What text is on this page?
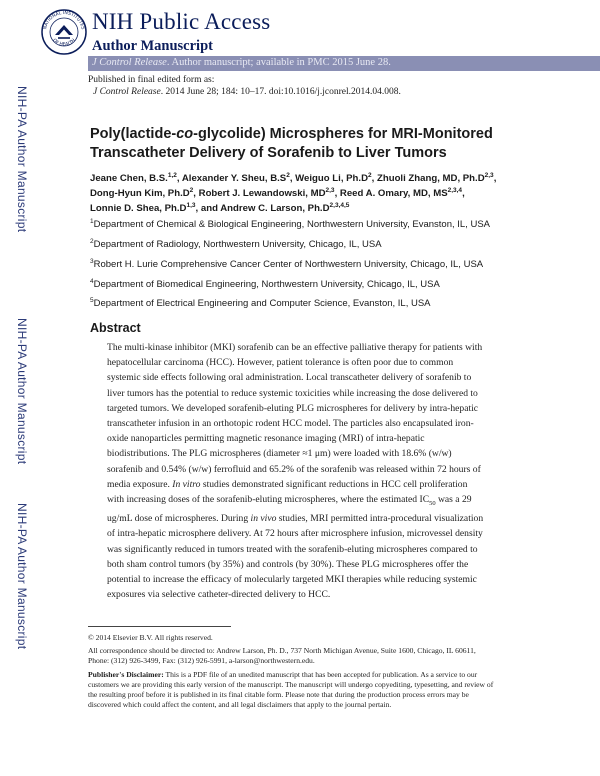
NATIONAL INSTITUTES
OF HEALTH
NIH Public Access
Author Manuscript
J Control Release. Author manuscript; available in PMC 2015 June 28.
NIH-PA Author Manuscript
NIH-PA Author Manuscript
NIH-PA Author Manuscript
Published in final edited form as:
J Control Release. 2014 June 28; 184: 10–17. doi:10.1016/j.jconrel.2014.04.008.
Poly(lactide-co-glycolide) Microspheres for MRI-Monitored
Transcatheter Delivery of Sorafenib to Liver Tumors
Jeane Chen, B.S.$^{1,2}$, Alexander Y. Sheu, $B.S^2$, Weiguo Li, $Ph.D^2$, Zhuoli Zhang, MD, $Ph.D^{2,3}$,
Dong-Hyun Kim, $Ph.D^2$, Robert J. Lewandowski, MD$^{2,3}$, Reed A. Omary, MD, MS$^{2,3,4}$,
Lonnie D. Shea, $Ph.D^{1,3}$, and Andrew C. Larson, $Ph.D^{2,3,4,5}$
$^1$Department of Chemical & Biological Engineering, Northwestern University, Evanston, IL, USA
$^2$Department of Radiology, Northwestern University, Chicago, IL, USA
$^3$Robert H. Lurie Comprehensive Cancer Center of Northwestern University, Chicago, IL, USA
$^4$Department of Biomedical Engineering, Northwestern University, Chicago, IL, USA
$^5$Department of Electrical Engineering and Computer Science, Evanston, IL, USA
Abstract
The multi-kinase inhibitor (MKI) sorafenib can be an effective palliative therapy for patients with
hepatocellular carcinoma (HCC). However, patient tolerance is often poor due to common
systemic side effects following oral administration. Local transcatheter delivery of sorafenib to
liver tumors has the potential to reduce systemic toxicities while increasing the dose delivered to
targeted tumors. We developed sorafenib-eluting PLG microspheres for delivery by intra-hepatic
transcatheter infusion in an orthotopic rodent HCC model. The particles also encapsulated iron-
oxide nanoparticles permitting magnetic resonance imaging (MRI) of intra-hepatic
biodistributions. The PLG microspheres (diameter ≈1 μm) were loaded with 18.6% (w/w)
sorafenib and 0.54% (w/w) ferrofluid and 65.2% of the sorafenib was released within 72 hours of
media exposure. In vitro studies demonstrated significant reductions in HCC cell proliferation
with increasing doses of the sorafenib-eluting microspheres, where the estimated $IC_{50}$ was a 29
ug/mL dose of microspheres. During in vivo studies, MRI permitted intra-procedural visualization
of intra-hepatic microsphere delivery. At 72 hours after microsphere infusion, microvessel density
was significantly reduced in tumors treated with the sorafenib-eluting microspheres compared to
both sham control tumors (by 35%) and controls (by 30%). These PLG microspheres offer the
potential to increase the efficacy of molecularly targeted MKI therapies while reducing systemic
exposures via selective catheter-directed delivery to HCC.
© 2014 Elsevier B.V. All rights reserved.
All correspondence should be directed to: Andrew Larson, Ph. D., 737 North Michigan Avenue, Suite 1600, Chicago, IL 60611,
Phone: (312) 926-3499, Fax: (312) 926-5991, a-larson@northwestern.edu.
Publisher's Disclaimer: This is a PDF file of an unedited manuscript that has been accepted for publication. As a service to our
customers we are providing this early version of the manuscript. The manuscript will undergo copyediting, typesetting, and review of
the resulting proof before it is published in its final citable form. Please note that during the production process errors may be
discovered which could affect the content, and all legal disclaimers that apply to the journal pertain.
